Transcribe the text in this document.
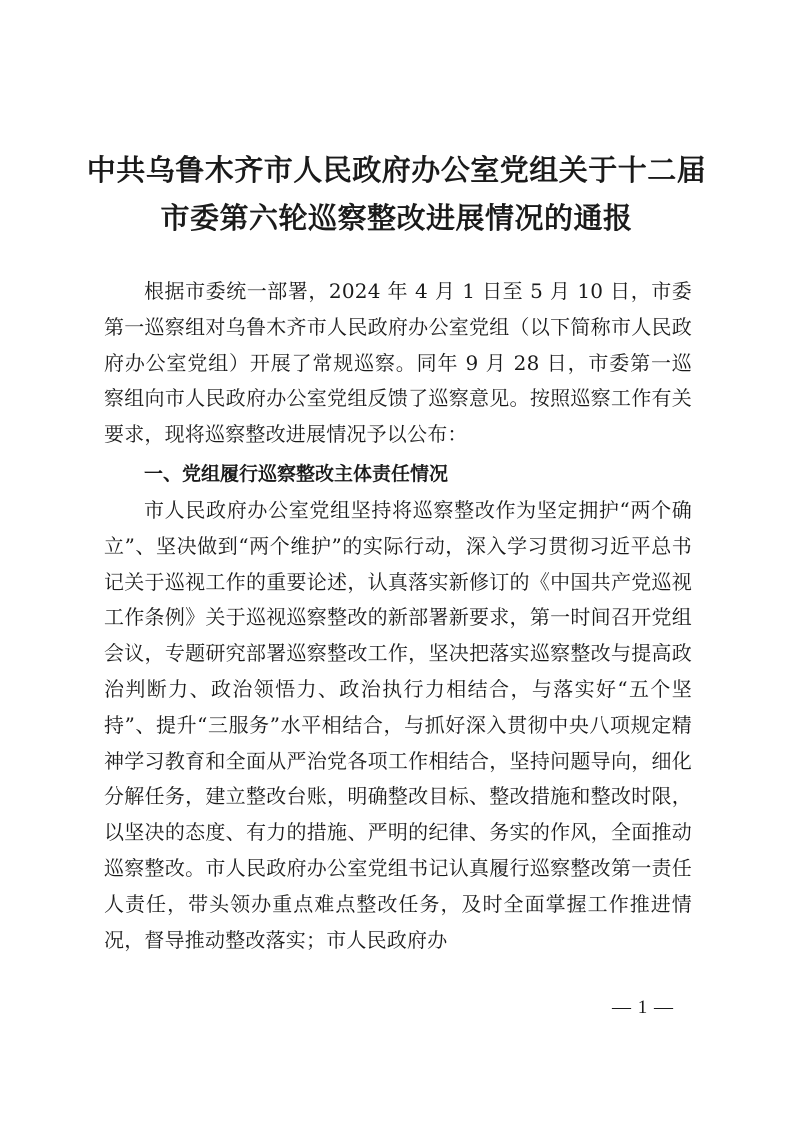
中共乌鲁木齐市人民政府办公室党组关于十二届
市委第六轮巡察整改进展情况的通报

根据市委统一部署，2024 年 4 月 1 日至 5 月 10 日，市委第一巡察组对乌鲁木齐市人民政府办公室党组（以下简称市人民政府办公室党组）开展了常规巡察。同年 9 月 28 日，市委第一巡察组向市人民政府办公室党组反馈了巡察意见。按照巡察工作有关要求，现将巡察整改进展情况予以公布：

一、党组履行巡察整改主体责任情况

市人民政府办公室党组坚持将巡察整改作为坚定拥护“两个确立”、坚决做到“两个维护”的实际行动，深入学习贯彻习近平总书记关于巡视工作的重要论述，认真落实新修订的《中国共产党巡视工作条例》关于巡视巡察整改的新部署新要求，第一时间召开党组会议，专题研究部署巡察整改工作，坚决把落实巡察整改与提高政治判断力、政治领悟力、政治执行力相结合，与落实好“五个坚持”、提升“三服务”水平相结合，与抓好深入贯彻中央八项规定精神学习教育和全面从严治党各项工作相结合，坚持问题导向，细化分解任务，建立整改台账，明确整改目标、整改措施和整改时限，以坚决的态度、有力的措施、严明的纪律、务实的作风，全面推动巡察整改。市人民政府办公室党组书记认真履行巡察整改第一责任人责任，带头领办重点难点整改任务，及时全面掌握工作推进情况，督导推动整改落实；市人民政府办

— 1 —
